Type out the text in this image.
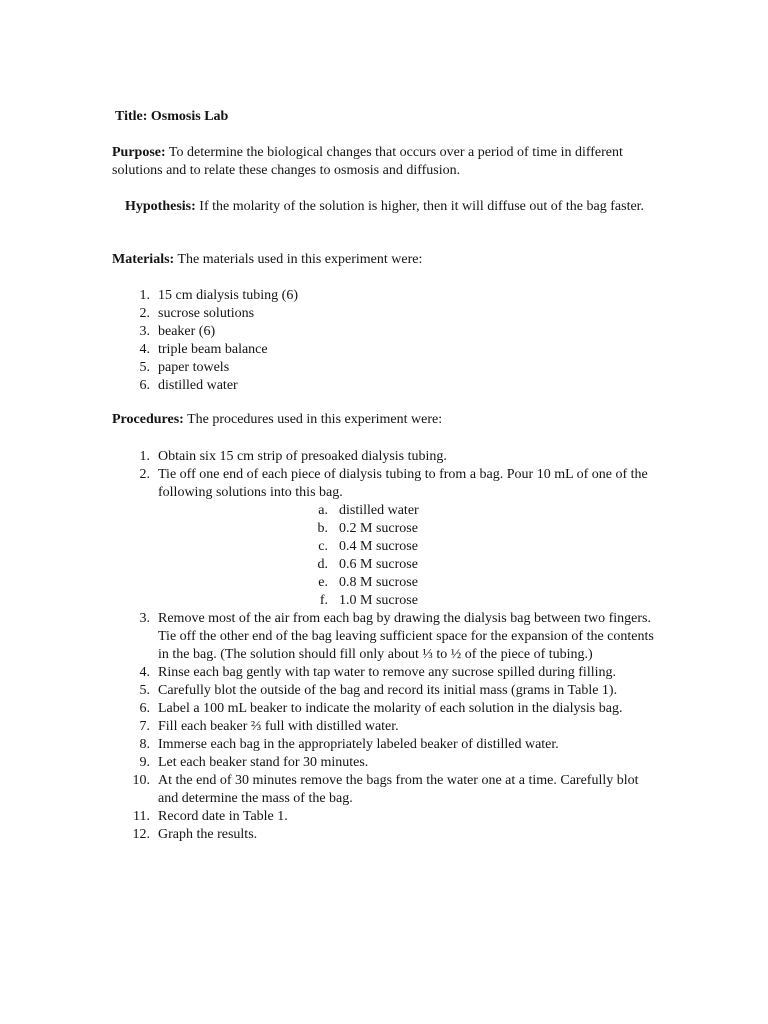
Title: Osmosis Lab

Purpose: To determine the biological changes that occurs over a period of time in different solutions and to relate these changes to osmosis and diffusion.

Hypothesis: If the molarity of the solution is higher, then it will diffuse out of the bag faster.

Materials: The materials used in this experiment were:

1. 15 cm dialysis tubing (6)
2. sucrose solutions
3. beaker (6)
4. triple beam balance
5. paper towels
6. distilled water

Procedures: The procedures used in this experiment were:

1. Obtain six 15 cm strip of presoaked dialysis tubing.
2. Tie off one end of each piece of dialysis tubing to from a bag. Pour 10 mL of one of the following solutions into this bag.
a. distilled water
b. 0.2 M sucrose
c. 0.4 M sucrose
d. 0.6 M sucrose
e. 0.8 M sucrose
f. 1.0 M sucrose
3. Remove most of the air from each bag by drawing the dialysis bag between two fingers. Tie off the other end of the bag leaving sufficient space for the expansion of the contents in the bag. (The solution should fill only about ⅓ to ½ of the piece of tubing.)
4. Rinse each bag gently with tap water to remove any sucrose spilled during filling.
5. Carefully blot the outside of the bag and record its initial mass (grams in Table 1).
6. Label a 100 mL beaker to indicate the molarity of each solution in the dialysis bag.
7. Fill each beaker ⅔ full with distilled water.
8. Immerse each bag in the appropriately labeled beaker of distilled water.
9. Let each beaker stand for 30 minutes.
10. At the end of 30 minutes remove the bags from the water one at a time. Carefully blot and determine the mass of the bag.
11. Record date in Table 1.
12. Graph the results.
